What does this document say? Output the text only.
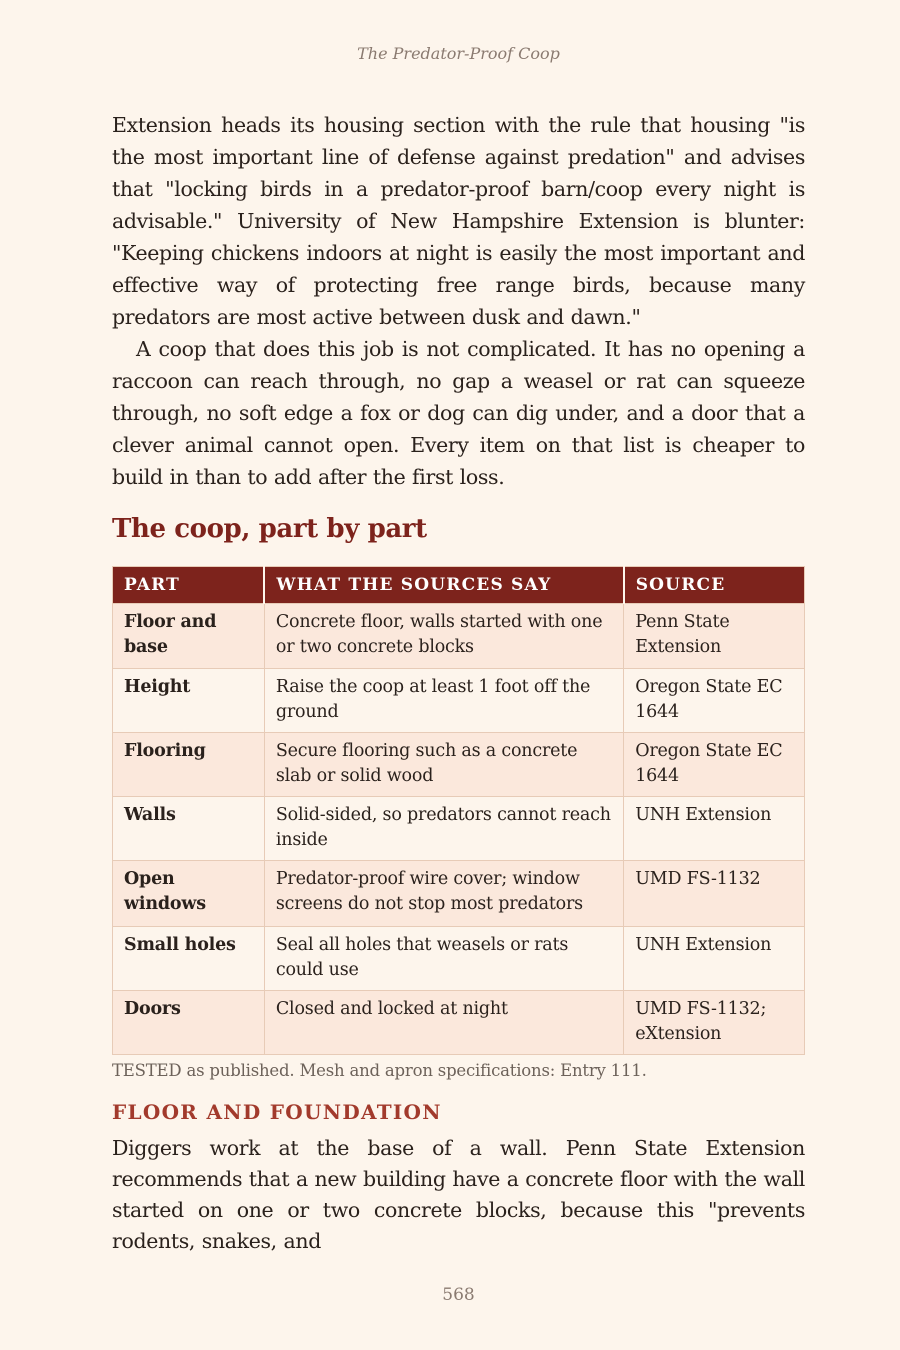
The Predator-Proof Coop

Extension heads its housing section with the rule that housing "is the most important line of defense against predation" and advises that "locking birds in a predator-proof barn/coop every night is advisable." University of New Hampshire Extension is blunter: "Keeping chickens indoors at night is easily the most important and effective way of protecting free range birds, because many predators are most active between dusk and dawn."

A coop that does this job is not complicated. It has no opening a raccoon can reach through, no gap a weasel or rat can squeeze through, no soft edge a fox or dog can dig under, and a door that a clever animal cannot open. Every item on that list is cheaper to build in than to add after the first loss.

The coop, part by part
PART	WHAT THE SOURCES SAY	SOURCE
Floor and base	Concrete floor, walls started with one or two concrete blocks	Penn State Extension
Height	Raise the coop at least 1 foot off the ground	Oregon State EC 1644
Flooring	Secure flooring such as a concrete slab or solid wood	Oregon State EC 1644
Walls	Solid-sided, so predators cannot reach inside	UNH Extension
Open windows	Predator-proof wire cover; window screens do not stop most predators	UMD FS-1132
Small holes	Seal all holes that weasels or rats could use	UNH Extension
Doors	Closed and locked at night	UMD FS-1132; eXtension
TESTED as published. Mesh and apron specifications: Entry 111.
FLOOR AND FOUNDATION
Diggers work at the base of a wall. Penn State Extension recommends that a new building have a concrete floor with the wall started on one or two concrete blocks, because this "prevents rodents, snakes, and
568
